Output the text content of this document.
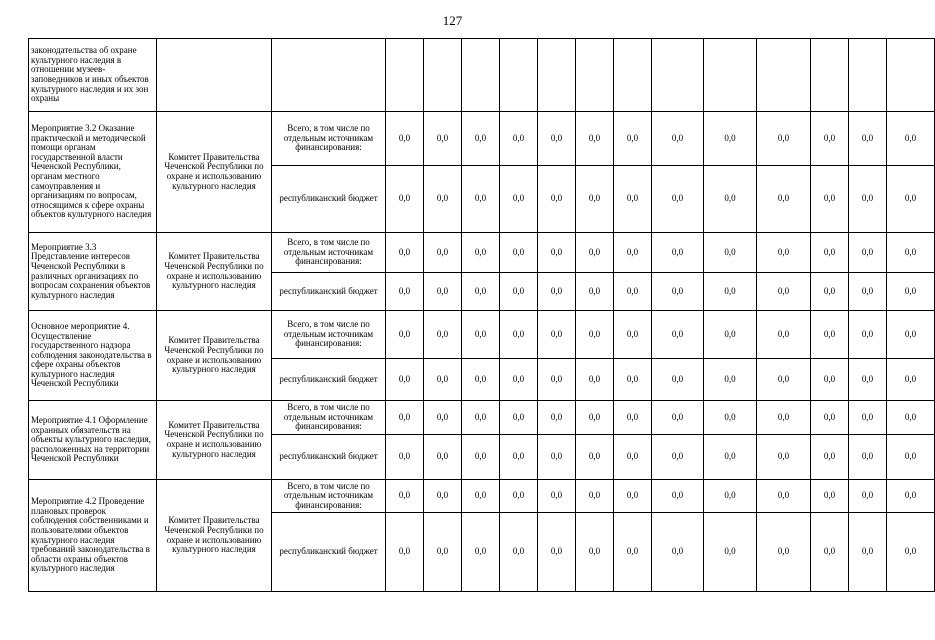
127
законодательства об охране культурного наследия в отношении музеев-заповедников и иных объектов культурного наследия и их зон охраны															
Мероприятие 3.2 Оказание практической и методической помощи органам государственной власти Чеченской Республики, органам местного самоуправления и организациям по вопросам, относящимся к сфере охраны объектов культурного наследия	Комитет Правительства Чеченской Республики по охране и использованию культурного наследия	Всего, в том числе по отдельным источникам финансирования:	0,0	0,0	0,0	0,0	0,0	0,0	0,0	0,0	0,0	0,0	0,0	0,0	0,0
		республиканский бюджет	0,0	0,0	0,0	0,0	0,0	0,0	0,0	0,0	0,0	0,0	0,0	0,0	0,0
Мероприятие 3.3 Представление интересов Чеченской Республики в различных организациях по вопросам сохранения объектов культурного наследия	Комитет Правительства Чеченской Республики по охране и использованию культурного наследия	Всего, в том числе по отдельным источникам финансирования:	0,0	0,0	0,0	0,0	0,0	0,0	0,0	0,0	0,0	0,0	0,0	0,0	0,0
		республиканский бюджет	0,0	0,0	0,0	0,0	0,0	0,0	0,0	0,0	0,0	0,0	0,0	0,0	0,0
Основное мероприятие 4. Осуществление государственного надзора соблюдения законодательства в сфере охраны объектов культурного наследия Чеченской Республики	Комитет Правительства Чеченской Республики по охране и использованию культурного наследия	Всего, в том числе по отдельным источникам финансирования:	0,0	0,0	0,0	0,0	0,0	0,0	0,0	0,0	0,0	0,0	0,0	0,0	0,0
		республиканский бюджет	0,0	0,0	0,0	0,0	0,0	0,0	0,0	0,0	0,0	0,0	0,0	0,0	0,0
Мероприятие 4.1 Оформление охранных обязательств на объекты культурного наследия, расположенных на территории Чеченской Республики	Комитет Правительства Чеченской Республики по охране и использованию культурного наследия	Всего, в том числе по отдельным источникам финансирования:	0,0	0,0	0,0	0,0	0,0	0,0	0,0	0,0	0,0	0,0	0,0	0,0	0,0
		республиканский бюджет	0,0	0,0	0,0	0,0	0,0	0,0	0,0	0,0	0,0	0,0	0,0	0,0	0,0
Мероприятие 4.2 Проведение плановых проверок соблюдения собственниками и пользователями объектов культурного наследия требований законодательства в области охраны объектов культурного наследия	Комитет Правительства Чеченской Республики по охране и использованию культурного наследия	Всего, в том числе по отдельным источникам финансирования:	0,0	0,0	0,0	0,0	0,0	0,0	0,0	0,0	0,0	0,0	0,0	0,0	0,0
		республиканский бюджет	0,0	0,0	0,0	0,0	0,0	0,0	0,0	0,0	0,0	0,0	0,0	0,0	0,0
